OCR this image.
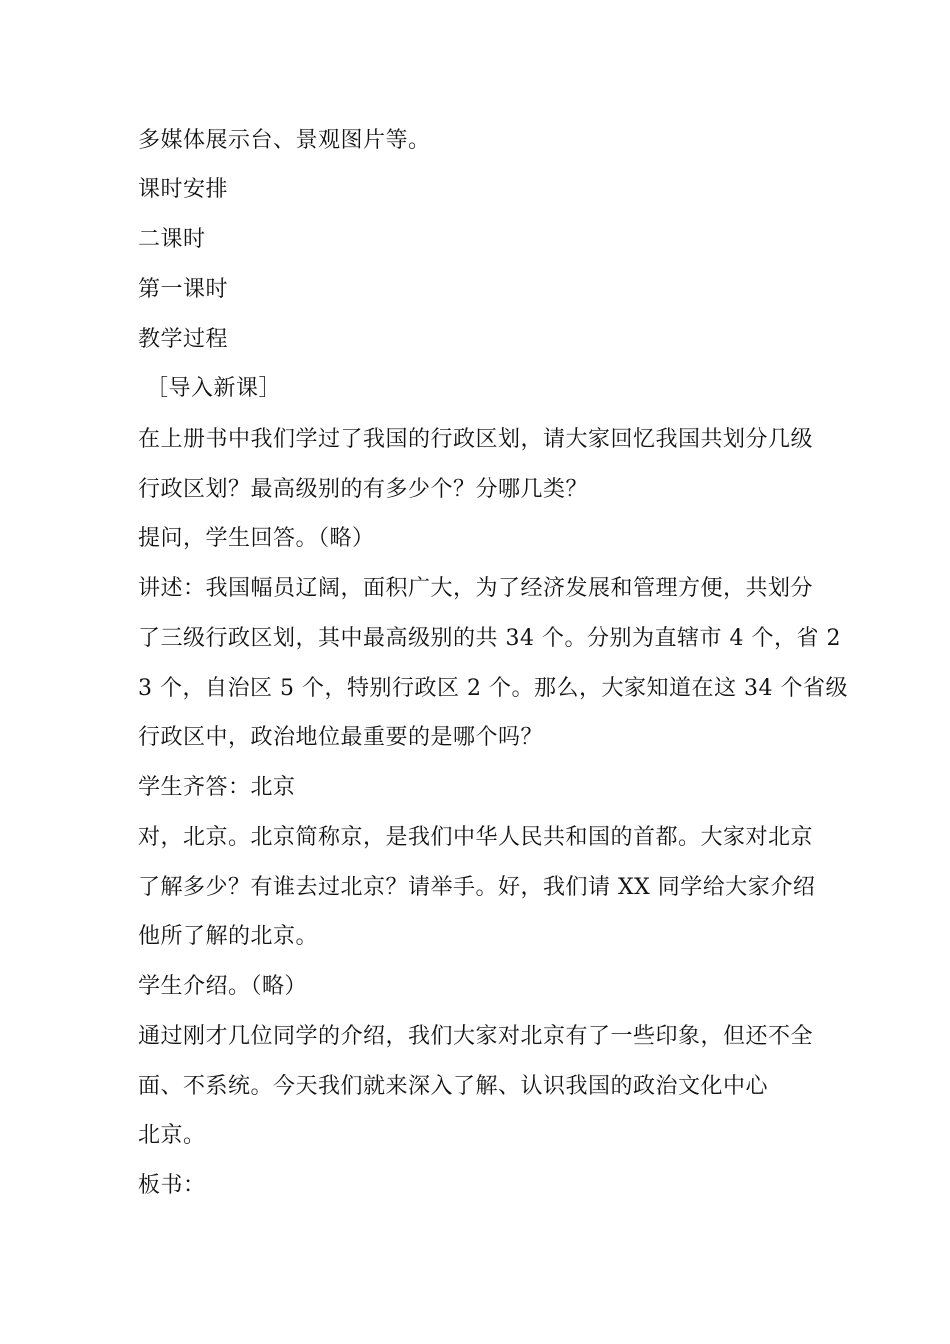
多媒体展示台、景观图片等。
课时安排
二课时
第一课时
教学过程
［导入新课］
在上册书中我们学过了我国的行政区划，请大家回忆我国共划分几级
行政区划？最高级别的有多少个？分哪几类？
提问，学生回答。（略）
讲述：我国幅员辽阔，面积广大，为了经济发展和管理方便，共划分
了三级行政区划，其中最高级别的共 34 个。分别为直辖市 4 个，省 2
3 个，自治区 5 个，特别行政区 2 个。那么，大家知道在这 34 个省级
行政区中，政治地位最重要的是哪个吗？
学生齐答：北京
对，北京。北京简称京，是我们中华人民共和国的首都。大家对北京
了解多少？有谁去过北京？请举手。好，我们请 XX 同学给大家介绍
他所了解的北京。
学生介绍。（略）
通过刚才几位同学的介绍，我们大家对北京有了一些印象，但还不全
面、不系统。今天我们就来深入了解、认识我国的政治文化中心
北京。
板书：
